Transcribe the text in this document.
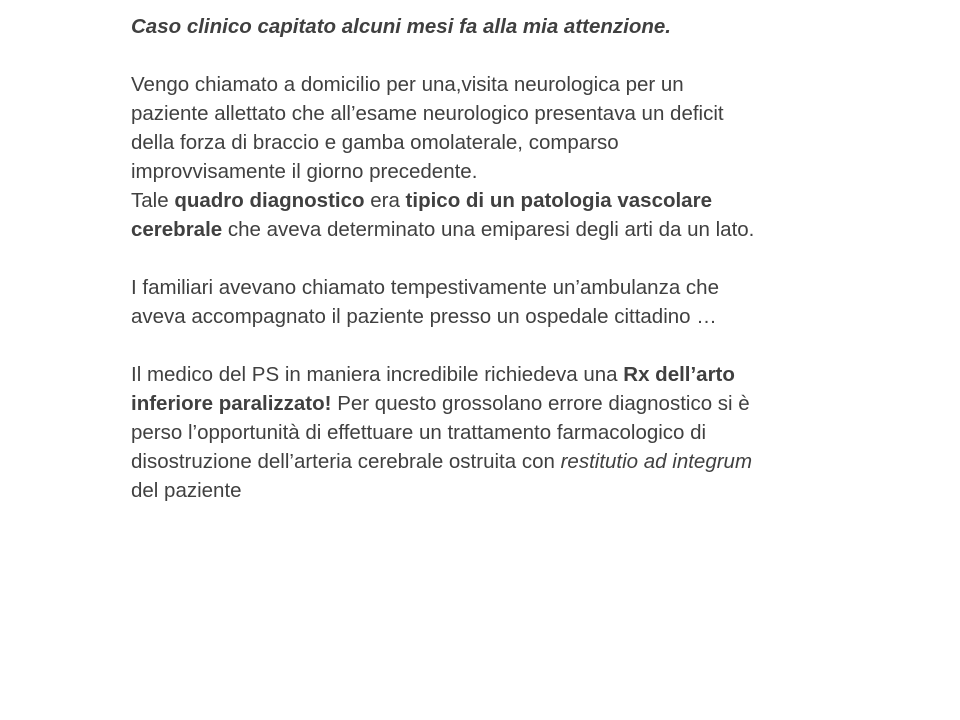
Caso clinico capitato alcuni mesi fa alla mia attenzione.
Vengo chiamato a domicilio per una,visita neurologica per un
paziente allettato che all’esame neurologico presentava un deficit
della forza di braccio e gamba omolaterale, comparso
improvvisamente il giorno precedente.
Tale quadro diagnostico era tipico di un patologia vascolare
cerebrale che aveva determinato una emiparesi degli arti da un lato.
I familiari avevano chiamato tempestivamente un’ambulanza che
aveva accompagnato il paziente presso un ospedale cittadino …
Il medico del PS in maniera incredibile richiedeva una Rx dell’arto
inferiore paralizzato! Per questo grossolano errore diagnostico si è
perso l’opportunità di effettuare un trattamento farmacologico di
disostruzione dell’arteria cerebrale ostruita con restitutio ad integrum
del paziente
